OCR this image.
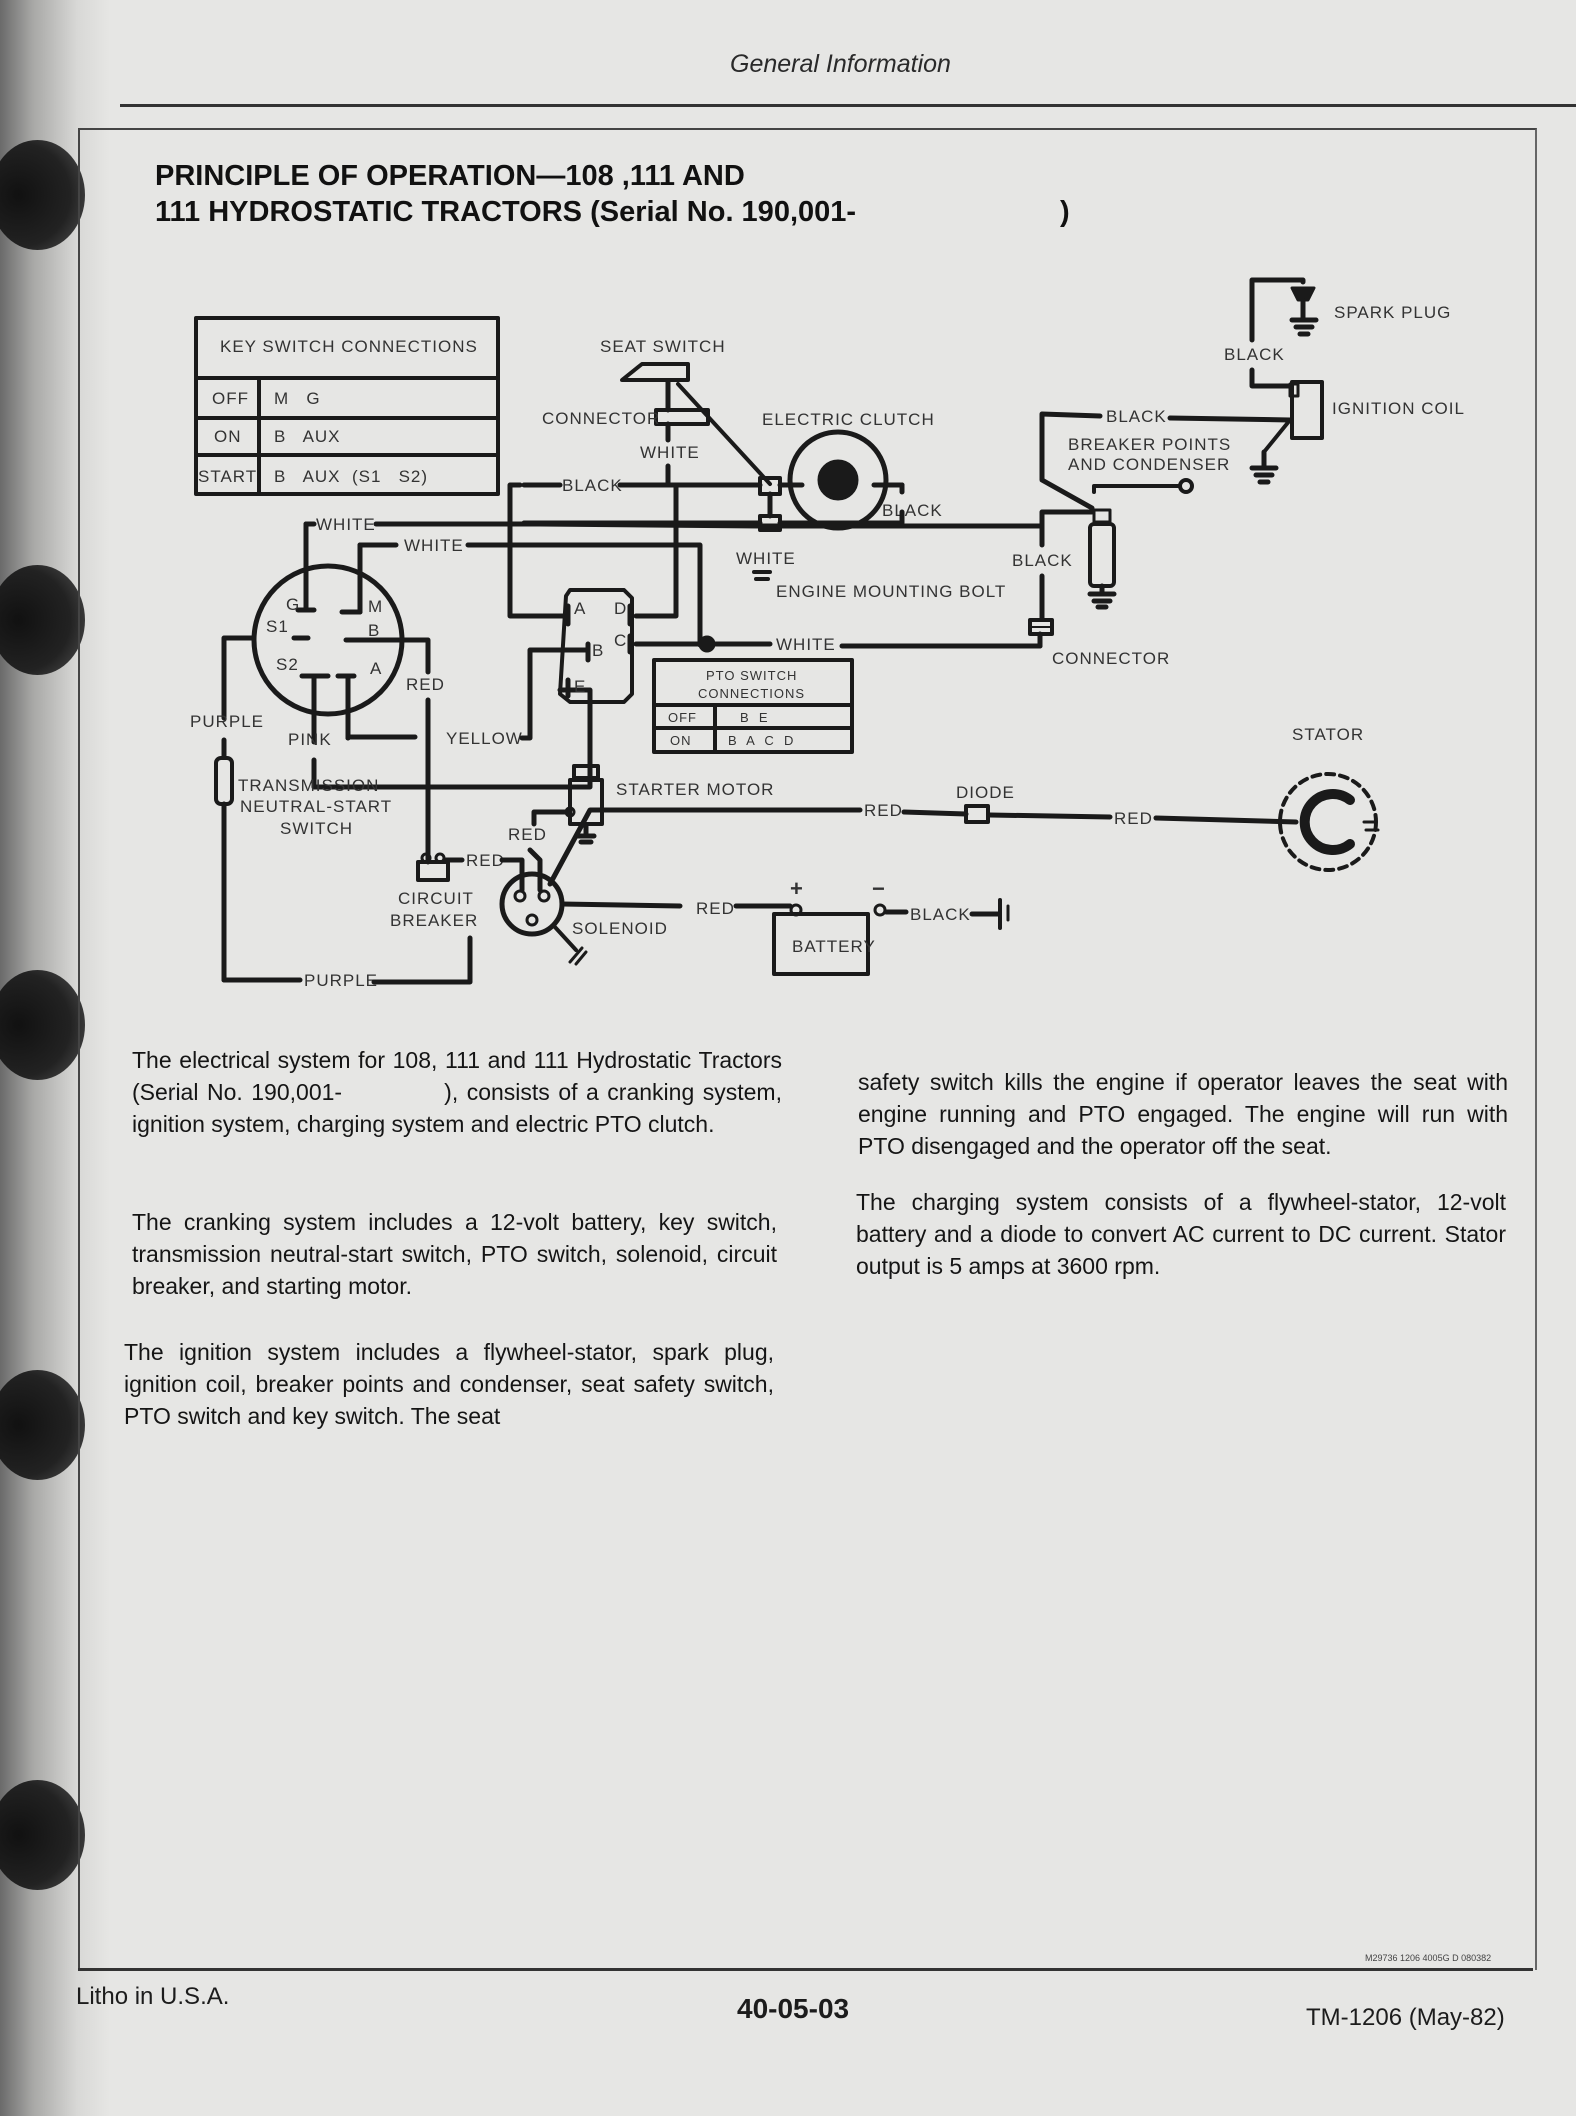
General Information
PRINCIPLE OF OPERATION—108 ,111 AND
111 HYDROSTATIC TRACTORS (Serial No. 190,001-	)
KEY SWITCH CONNECTIONS
OFF M   G
ON B   AUX
START B   AUX  (S1   S2)
G	M
S1	B
S2	A
WHITE
WHITE
RED
PURPLE
PINK	YELLOW
WHITE
A D
B
C
E
PTO SWITCH
CONNECTIONS
OFF	B  E
ON	B  A  C  D
SEAT SWITCH
CONNECTOR
WHITE
BLACK
ELECTRIC CLUTCH
BLACK
WHITE
ENGINE MOUNTING BOLT
SPARK PLUG
BLACK
IGNITION COIL
BLACK
BREAKER POINTS
AND CONDENSER
BLACK
CONNECTOR
TRANSMISSION
NEUTRAL-START
SWITCH
PURPLE
CIRCUIT
BREAKER
RED
STARTER MOTOR
RED
SOLENOID
RED
DIODE
RED
STATOR
RED
+	−
BATTERY
BLACK
The electrical system for 108, 111 and 111 Hydrostatic Tractors (Serial No. 190,001-            ), consists of a cranking system, ignition system, charging system and electric PTO clutch.
The cranking system includes a 12-volt battery, key switch, transmission neutral-start switch, PTO switch, solenoid, circuit breaker, and starting motor.
The ignition system includes a flywheel-stator, spark plug, ignition coil, breaker points and condenser, seat safety switch, PTO switch and key switch. The seat
safety switch kills the engine if operator leaves the seat with engine running and PTO engaged. The engine will run with PTO disengaged and the operator off the seat.
The charging system consists of a flywheel-stator, 12-volt battery and a diode to convert AC current to DC current. Stator output is 5 amps at 3600 rpm.
M29736 1206 4005G D 080382
Litho in U.S.A.	40-05-03	TM-1206 (May-82)
